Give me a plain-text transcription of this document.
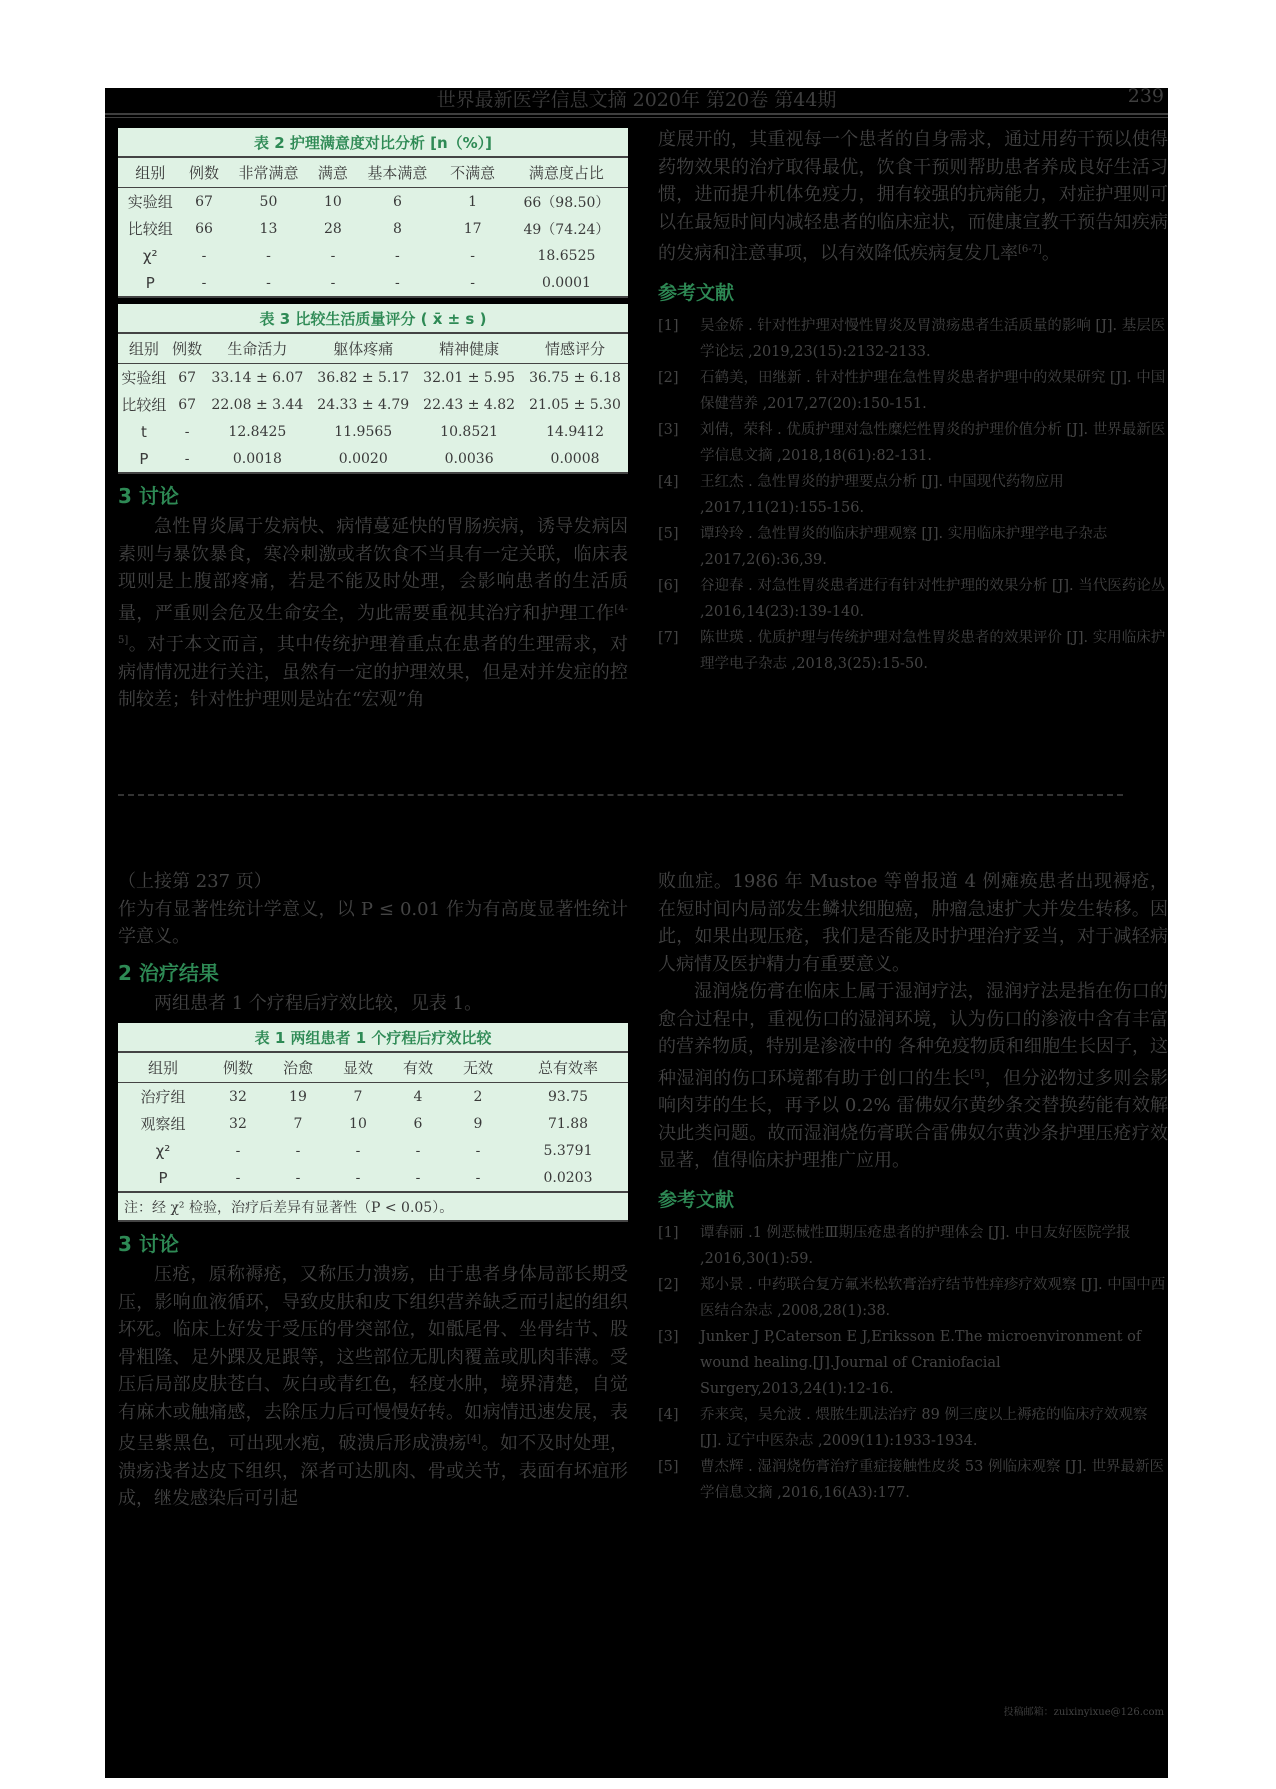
世界最新医学信息文摘 2020年 第20卷 第44期	239
表 2 护理满意度对比分析 [n（%）]						
组别	例数	非常满意	满意	基本满意	不满意	满意度占比
实验组	67	50	10	6	1	66（98.50）
比较组	66	13	28	8	17	49（74.24）
χ²	-	-	-	-	-	18.6525
P	-	-	-	-	-	0.0001
表 3 比较生活质量评分 ( x̄ ± s )					
组别	例数	生命活力	躯体疼痛	精神健康	情感评分
实验组	67	33.14 ± 6.07	36.82 ± 5.17	32.01 ± 5.95	36.75 ± 6.18
比较组	67	22.08 ± 3.44	24.33 ± 4.79	22.43 ± 4.82	21.05 ± 5.30
t	-	12.8425	11.9565	10.8521	14.9412
P	-	0.0018	0.0020	0.0036	0.0008
3 讨论

急性胃炎属于发病快、病情蔓延快的胃肠疾病，诱导发病因素则与暴饮暴食，寒冷刺激或者饮食不当具有一定关联，临床表现则是上腹部疼痛，若是不能及时处理，会影响患者的生活质量，严重则会危及生命安全，为此需要重视其治疗和护理工作[4-5]。对于本文而言，其中传统护理着重点在患者的生理需求，对病情情况进行关注，虽然有一定的护理效果，但是对并发症的控制较差；针对性护理则是站在“宏观”角

度展开的，其重视每一个患者的自身需求，通过用药干预以使得药物效果的治疗取得最优，饮食干预则帮助患者养成良好生活习惯，进而提升机体免疫力，拥有较强的抗病能力，对症护理则可以在最短时间内减轻患者的临床症状，而健康宣教干预告知疾病的发病和注意事项，以有效降低疾病复发几率[6-7]。

参考文献

[1] 吴金娇 . 针对性护理对慢性胃炎及胃溃疡患者生活质量的影响 [J]. 基层医学论坛 ,2019,23(15):2132-2133.

[2] 石鹤美，田继新 . 针对性护理在急性胃炎患者护理中的效果研究 [J]. 中国保健营养 ,2017,27(20):150-151.

[3] 刘倩，荣科 . 优质护理对急性糜烂性胃炎的护理价值分析 [J]. 世界最新医学信息文摘 ,2018,18(61):82-131.

[4] 王红杰 . 急性胃炎的护理要点分析 [J]. 中国现代药物应用 ,2017,11(21):155-156.

[5] 谭玲玲 . 急性胃炎的临床护理观察 [J]. 实用临床护理学电子杂志 ,2017,2(6):36,39.

[6] 谷迎春 . 对急性胃炎患者进行有针对性护理的效果分析 [J]. 当代医药论丛 ,2016,14(23):139-140.

[7] 陈世瑛 . 优质护理与传统护理对急性胃炎患者的效果评价 [J]. 实用临床护理学电子杂志 ,2018,3(25):15-50.

（上接第 237 页）

作为有显著性统计学意义，以 P ≤ 0.01 作为有高度显著性统计学意义。

2 治疗结果

两组患者 1 个疗程后疗效比较，见表 1。

表 1 两组患者 1 个疗程后疗效比较						
组别	例数	治愈	显效	有效	无效	总有效率
治疗组	32	19	7	4	2	93.75
观察组	32	7	10	6	9	71.88
χ²	-	-	-	-	-	5.3791
P	-	-	-	-	-	0.0203
注：经 χ² 检验，治疗后差异有显著性（P < 0.05）。						
3 讨论

压疮，原称褥疮，又称压力溃疡，由于患者身体局部长期受压，影响血液循环，导致皮肤和皮下组织营养缺乏而引起的组织坏死。临床上好发于受压的骨突部位，如骶尾骨、坐骨结节、股骨粗隆、足外踝及足跟等，这些部位无肌肉覆盖或肌肉菲薄。受压后局部皮肤苍白、灰白或青红色，轻度水肿，境界清楚，自觉有麻木或触痛感，去除压力后可慢慢好转。如病情迅速发展，表皮呈紫黑色，可出现水疱，破溃后形成溃疡[4]。如不及时处理，溃疡浅者达皮下组织，深者可达肌肉、骨或关节，表面有坏疽形成，继发感染后可引起

败血症。1986 年 Mustoe 等曾报道 4 例瘫痪患者出现褥疮，在短时间内局部发生鳞状细胞癌，肿瘤急速扩大并发生转移。因此，如果出现压疮，我们是否能及时护理治疗妥当，对于减轻病人病情及医护精力有重要意义。

湿润烧伤膏在临床上属于湿润疗法，湿润疗法是指在伤口的愈合过程中，重视伤口的湿润环境，认为伤口的渗液中含有丰富的营养物质，特别是渗液中的 各种免疫物质和细胞生长因子，这种湿润的伤口环境都有助于创口的生长[5]，但分泌物过多则会影响肉芽的生长，再予以 0.2% 雷佛奴尔黄纱条交替换药能有效解决此类问题。故而湿润烧伤膏联合雷佛奴尔黄沙条护理压疮疗效显著，值得临床护理推广应用。

参考文献

[1] 谭春丽 .1 例恶械性Ⅲ期压疮患者的护理体会 [J]. 中日友好医院学报 ,2016,30(1):59.

[2] 郑小景 . 中药联合复方氟米松软膏治疗结节性痒疹疗效观察 [J]. 中国中西医结合杂志 ,2008,28(1):38.

[3] Junker J P,Caterson E J,Eriksson E.The microenvironment of wound healing.[J].Journal of Craniofacial Surgery,2013,24(1):12-16.

[4] 乔来宾，吴允波 . 煨脓生肌法治疗 89 例三度以上褥疮的临床疗效观察 [J]. 辽宁中医杂志 ,2009(11):1933-1934.

[5] 曹杰辉 . 湿润烧伤膏治疗重症接触性皮炎 53 例临床观察 [J]. 世界最新医学信息文摘 ,2016,16(A3):177.

投稿邮箱：zuixinyixue@126.com
